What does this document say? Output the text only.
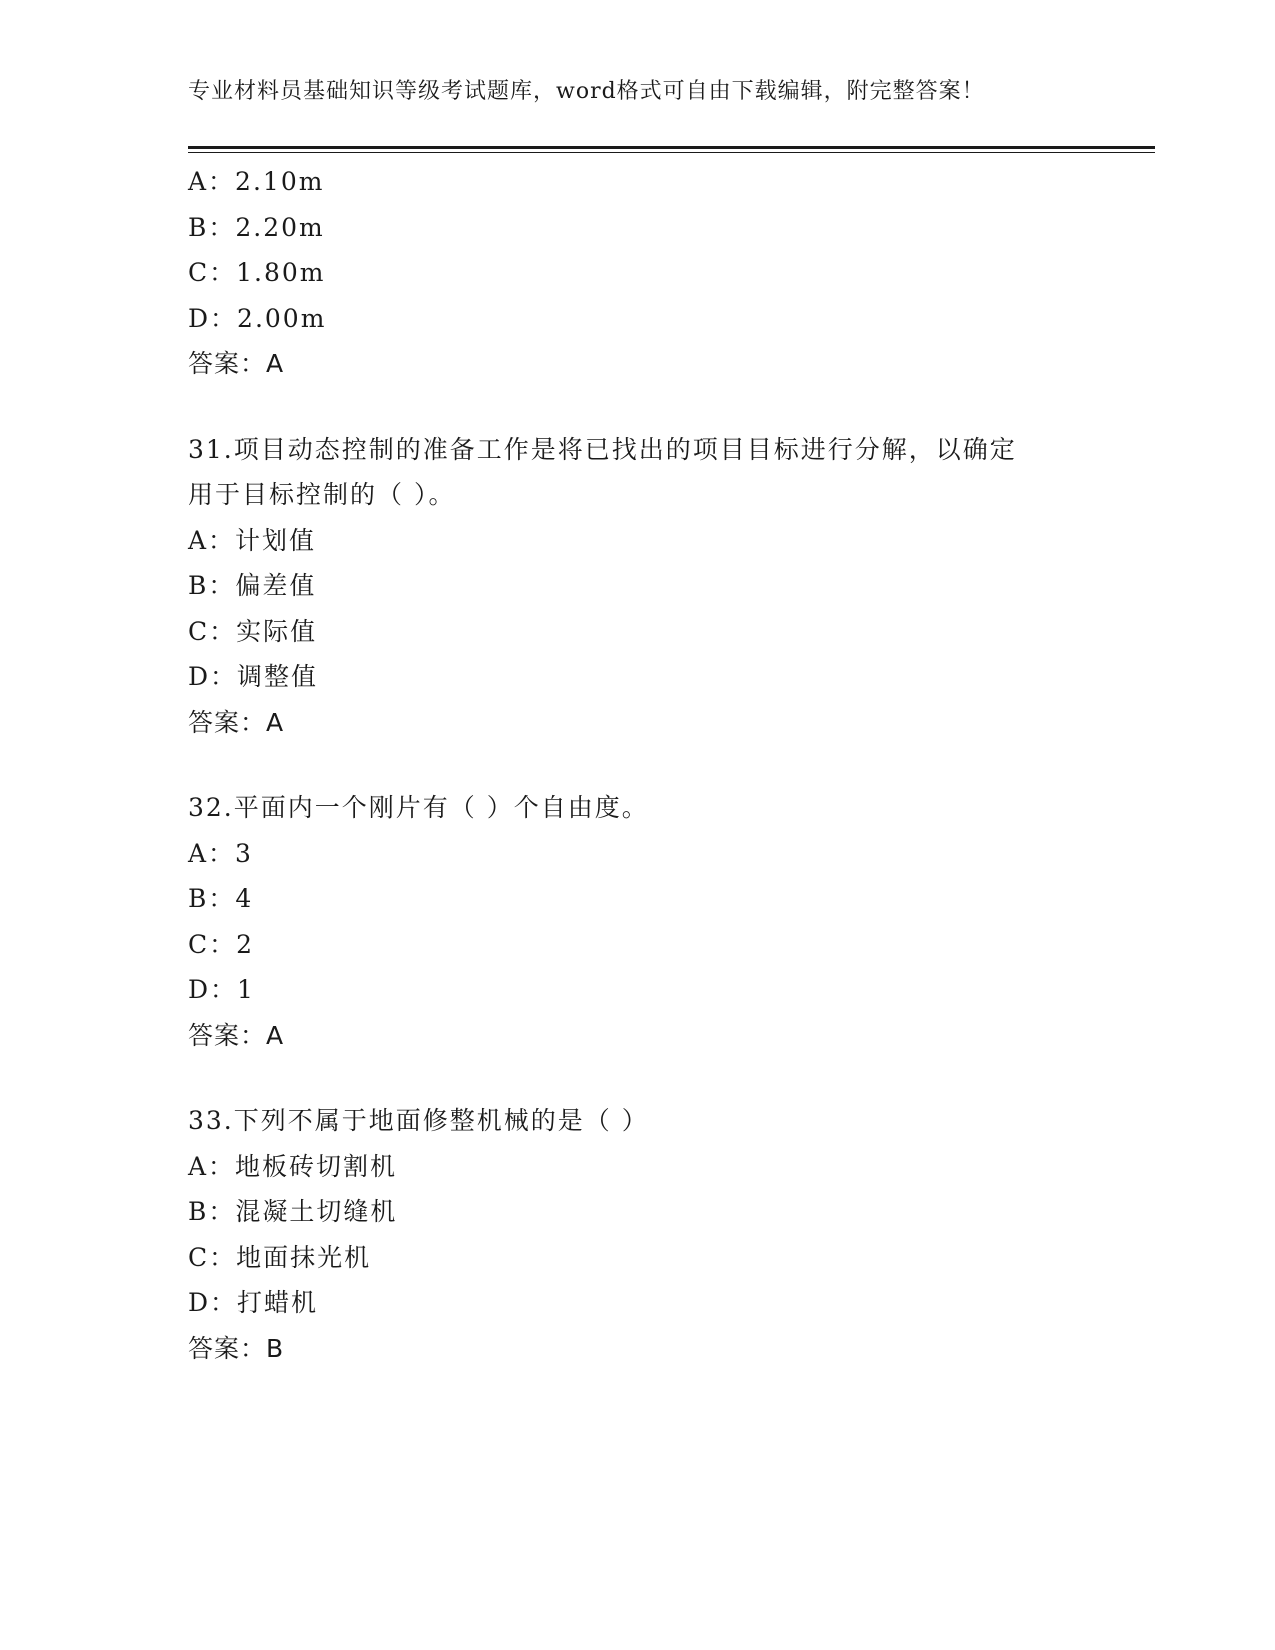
专业材料员基础知识等级考试题库，word格式可自由下载编辑，附完整答案！
A：2.10m
B：2.20m
C：1.80m
D：2.00m
答案：A
31.项目动态控制的准备工作是将已找出的项目目标进行分解，以确定
用于目标控制的（ ）。
A：计划值
B：偏差值
C：实际值
D：调整值
答案：A
32.平面内一个刚片有（ ）个自由度。
A：3
B：4
C：2
D：1
答案：A
33.下列不属于地面修整机械的是（ ）
A：地板砖切割机
B：混凝土切缝机
C：地面抹光机
D：打蜡机
答案：B
